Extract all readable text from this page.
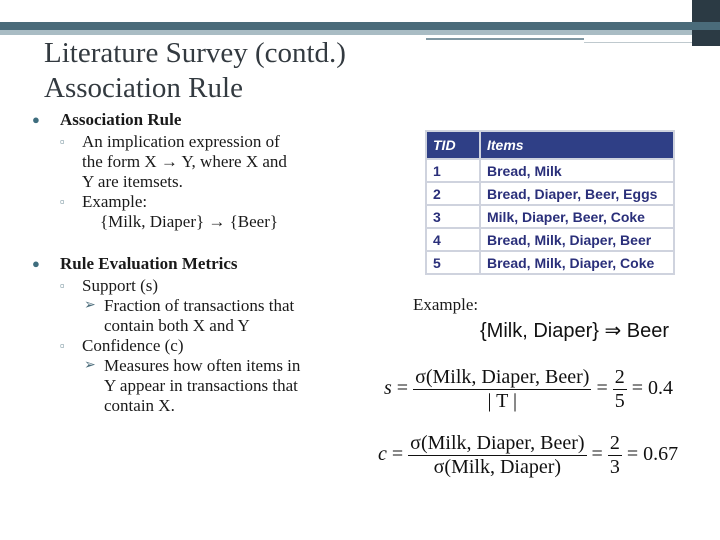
Literature Survey (contd.)
Association Rule
● Association Rule
▫ An implication expression of
the form X → Y, where X and
Y are itemsets.
▫ Example:
{Milk, Diaper} → {Beer}
● Rule Evaluation Metrics
▫ Support (s)
➢ Fraction of transactions that
contain both X and Y
▫ Confidence (c)
➢ Measures how often items in
Y appear in transactions that
contain X.
TID	Items
1	Bread, Milk
2	Bread, Diaper, Beer, Eggs
3	Milk, Diaper, Beer, Coke
4	Bread, Milk, Diaper, Beer
5	Bread, Milk, Diaper, Coke
Example:
{Milk, Diaper} ⇒ Beer
$s = \frac{\text{σ(Milk, Diaper, Beer)}}{| T |} = \frac{2}{5} = 0.4$
$c = \frac{\text{σ(Milk, Diaper, Beer)}}{\text{σ(Milk, Diaper)}} = \frac{2}{3} = 0.67$
